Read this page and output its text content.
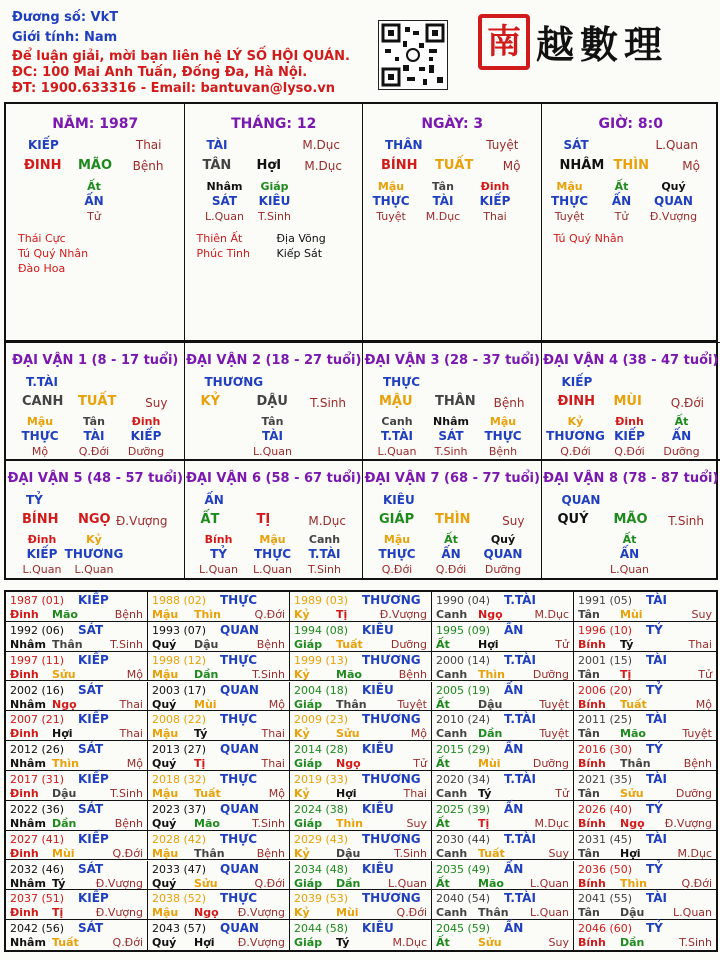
Đương số: VkT
Giới tính: Nam
Để luận giải, mời bạn liên hệ LÝ SỐ HỘI QUÁN.
ĐC: 100 Mai Anh Tuấn, Đống Đa, Hà Nội.
ĐT: 1900.633316 - Email: bantuvan@lyso.vn
南 越數理
NĂM: 1987
KIẾP	Thai
ĐINH MÃO Bệnh
Ất
ẤN
Tử
Thái Cực
Tú Quý Nhân
Đào Hoa
THÁNG: 12
TÀI	M.Dục
TÂN HợI M.Dục
Nhâm
SÁT
L.Quan
Giáp
KIÊU
T.Sinh
Thiên Ất
Phúc Tinh
Địa Võng
Kiếp Sát
NGÀY: 3
THÂN	Tuyệt
BÍNH TUẤT Mộ
Mậu
THỰC
Tuyệt
Tân
TÀI
M.Dục
Đinh
KIẾP
Thai
GIỜ: 8:0
SÁT	L.Quan
NHÂM THÌN	Mộ
Mậu
THỰC
Tuyệt
Ất
ẤN
Tử
Quý
QUAN
Đ.Vượng
Tú Quý Nhân
ĐẠI VẬN 1 (8 - 17 tuổi)
T.TÀI
CANH TUẤT Suy
Mậu
THỰC
Mộ
Tân
TÀI
Q.Đới
Đinh
KIẾP
Dưỡng
ĐẠI VẬN 2 (18 - 27 tuổi)
THƯƠNG
KỶ	DẬU T.Sinh
Tân
TÀI
L.Quan
ĐẠI VẬN 3 (28 - 37 tuổi)
THỰC
MẬU THÂN Bệnh
Canh
T.TÀI
L.Quan
Nhâm
SÁT
T.Sinh
Mậu
THỰC
Bệnh
ĐẠI VẬN 4 (38 - 47 tuổi)
KIẾP
ĐINH MÙI Q.Đới
Kỷ
THƯƠNG
Q.Đới
Đinh
KIẾP
Q.Đới
Ất
ẤN
Dưỡng
ĐẠI VẬN 5 (48 - 57 tuổi)
TỶ
BÍNH NGỌ Đ.Vượng
Đinh
KIẾP
L.Quan
Kỷ
THƯƠNG
L.Quan
ĐẠI VẬN 6 (58 - 67 tuổi)
ẤN
ẤT	TỊ	M.Dục
Bính
TỶ
L.Quan
Mậu
THỰC
L.Quan
Canh
T.TÀI
T.Sinh
ĐẠI VẬN 7 (68 - 77 tuổi)
KIÊU
GIÁP THÌN	Suy
Mậu
THỰC
Q.Đới
Ất
ẤN
Q.Đới
Quý
QUAN
Dưỡng
ĐẠI VẬN 8 (78 - 87 tuổi)
QUAN
QUÝ MÃO T.Sinh
Ất
ẤN
L.Quan
1987 (01) KIẾP
Đinh Mão	Bệnh
1988 (02) THỰC
Mậu Thìn	Q.Đới
1989 (03) THƯƠNG
Kỷ Tị	Đ.Vượng
1990 (04) T.TÀI
Canh Ngọ	M.Dục
1991 (05) TÀI
Tân Mùi	Suy
1992 (06) SÁT
Nhâm Thân	T.Sinh
1993 (07) QUAN
Quý Dậu	Bệnh
1994 (08) KIÊU
Giáp Tuất	Dưỡng
1995 (09) ẤN
Ất	Hợi	Tử
1996 (10) TỶ
Bính Tý	Thai
1997 (11) KIẾP
Đinh Sửu	Mộ
1998 (12) THỰC
Mậu Dần	T.Sinh
1999 (13) THƯƠNG
Kỷ Mão	Bệnh
2000 (14) T.TÀI
Canh Thìn	Dưỡng
2001 (15) TÀI
Tân Tị	Tử
2002 (16) SÁT
Nhâm Ngọ	Thai
2003 (17) QUAN
Quý Mùi	Mộ
2004 (18) KIÊU
Giáp Thân	Tuyệt
2005 (19) ẤN
Ất	Dậu	Tuyệt
2006 (20) TỶ
Bính Tuất	Mộ
2007 (21) KIẾP
Đinh Hợi	Thai
2008 (22) THỰC
Mậu Tý	Thai
2009 (23) THƯƠNG
Kỷ Sửu	Mộ
2010 (24) T.TÀI
Canh Dần	Tuyệt
2011 (25) TÀI
Tân Mão	Tuyệt
2012 (26) SÁT
Nhâm Thìn	Mộ
2013 (27) QUAN
Quý Tị	Thai
2014 (28) KIÊU
Giáp Ngọ	Tử
2015 (29) ẤN
Ất	Mùi	Dưỡng
2016 (30) TỶ
Bính Thân	Bệnh
2017 (31) KIẾP
Đinh Dậu	T.Sinh
2018 (32) THỰC
Mậu Tuất	Mộ
2019 (33) THƯƠNG
Kỷ Hợi	Thai
2020 (34) T.TÀI
Canh Tý	Tử
2021 (35) TÀI
Tân Sửu	Dưỡng
2022 (36) SÁT
Nhâm Dần	Bệnh
2023 (37) QUAN
Quý Mão	T.Sinh
2024 (38) KIÊU
Giáp Thìn	Suy
2025 (39) ẤN
Ất	Tị	M.Dục
2026 (40) TỶ
Bính Ngọ Đ.Vượng
2027 (41) KIẾP
Đinh Mùi	Q.Đới
2028 (42) THỰC
Mậu Thân	Bệnh
2029 (43) THƯƠNG
Kỷ Dậu	T.Sinh
2030 (44) T.TÀI
Canh Tuất	Suy
2031 (45) TÀI
Tân Hợi	M.Dục
2032 (46) SÁT
Nhâm Tý	Đ.Vượng
2033 (47) QUAN
Quý Sửu	Q.Đới
2034 (48) KIÊU
Giáp Dần	L.Quan
2035 (49) ẤN
Ất	Mão L.Quan
2036 (50) TỶ
Bính Thìn	Q.Đới
2037 (51) KIẾP
Đinh Tị	Đ.Vượng
2038 (52) THỰC
Mậu Ngọ Đ.Vượng
2039 (53) THƯƠNG
Kỷ Mùi	Q.Đới
2040 (54) T.TÀI
Canh Thân L.Quan
2041 (55) TÀI
Tân Dậu	L.Quan
2042 (56) SÁT
Nhâm Tuất	Q.Đới
2043 (57) QUAN
Quý Hợi Đ.Vượng
2044 (58) KIÊU
Giáp Tý	M.Dục
2045 (59) ẤN
Ất	Sửu	Suy
2046 (60) TỶ
Bính Dần	T.Sinh
